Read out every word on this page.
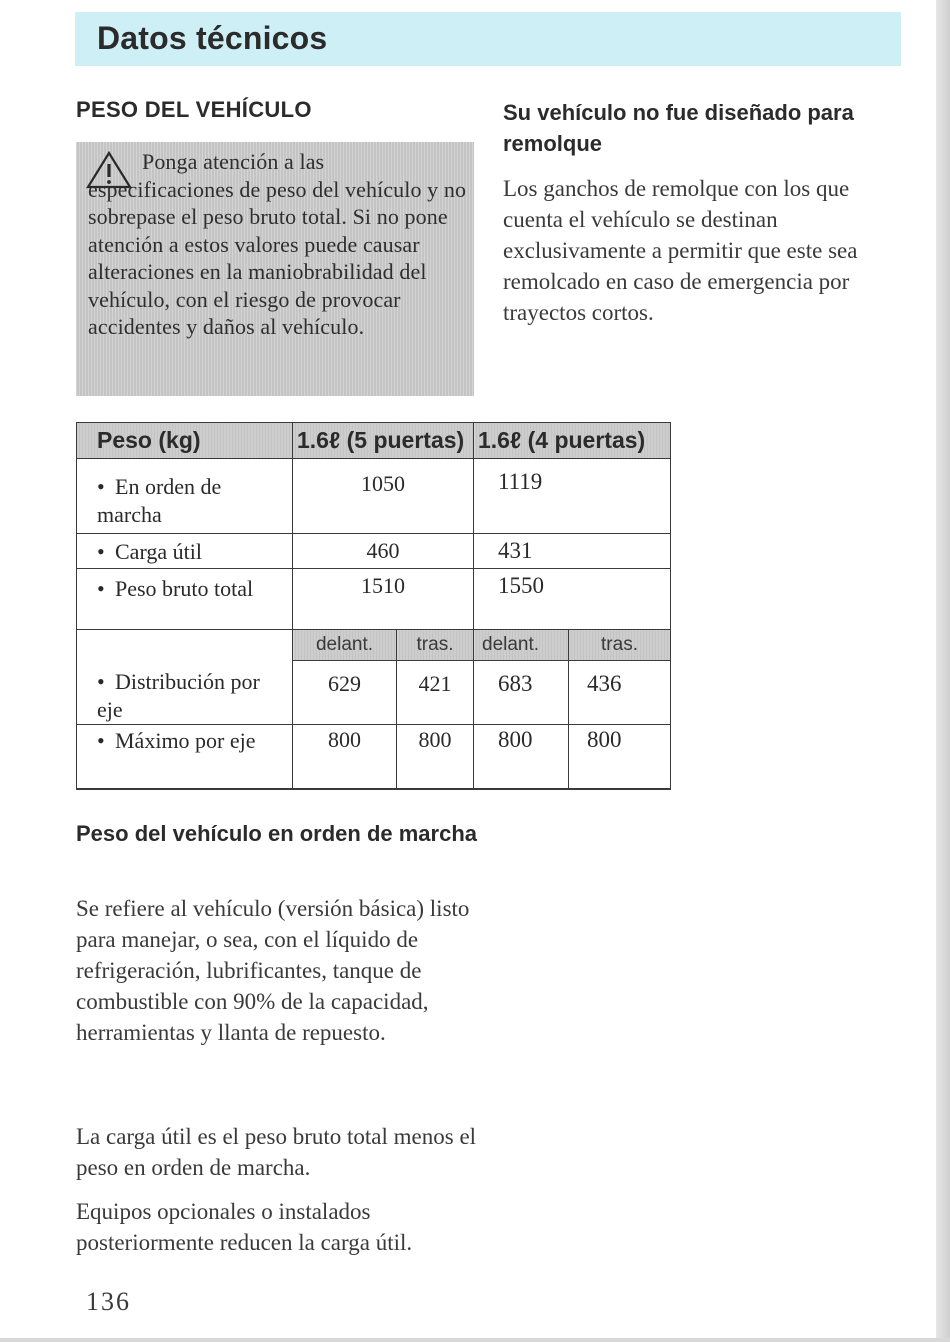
Datos técnicos
PESO DEL VEHÍCULO

Ponga atención a las especificaciones de peso del vehículo y no sobrepase el peso bruto total. Si no pone atención a estos valores puede causar alteraciones en la maniobrabilidad del vehículo, con el riesgo de provocar accidentes y daños al vehículo.

Su vehículo no fue diseñado para remolque

Los ganchos de remolque con los que cuenta el vehículo se destinan exclusivamente a permitir que este sea remolcado en caso de emergencia por trayectos cortos.

Peso (kg)	1.6ℓ (5 puertas)		1.6ℓ (4 puertas)	
• En orden de marcha	1050		1119	
• Carga útil	460		431	
• Peso bruto total	1510		1550	
• Distribución por eje	delant.	tras.	delant.	tras.
	629	421	683	436
• Máximo por eje	800	800	800	800
Peso del vehículo en orden de marcha

Se refiere al vehículo (versión básica) listo para manejar, o sea, con el líquido de refrigeración, lubrificantes, tanque de combustible con 90% de la capacidad, herramientas y llanta de repuesto.

La carga útil es el peso bruto total menos el peso en orden de marcha.

Equipos opcionales o instalados posteriormente reducen la carga útil.

136
